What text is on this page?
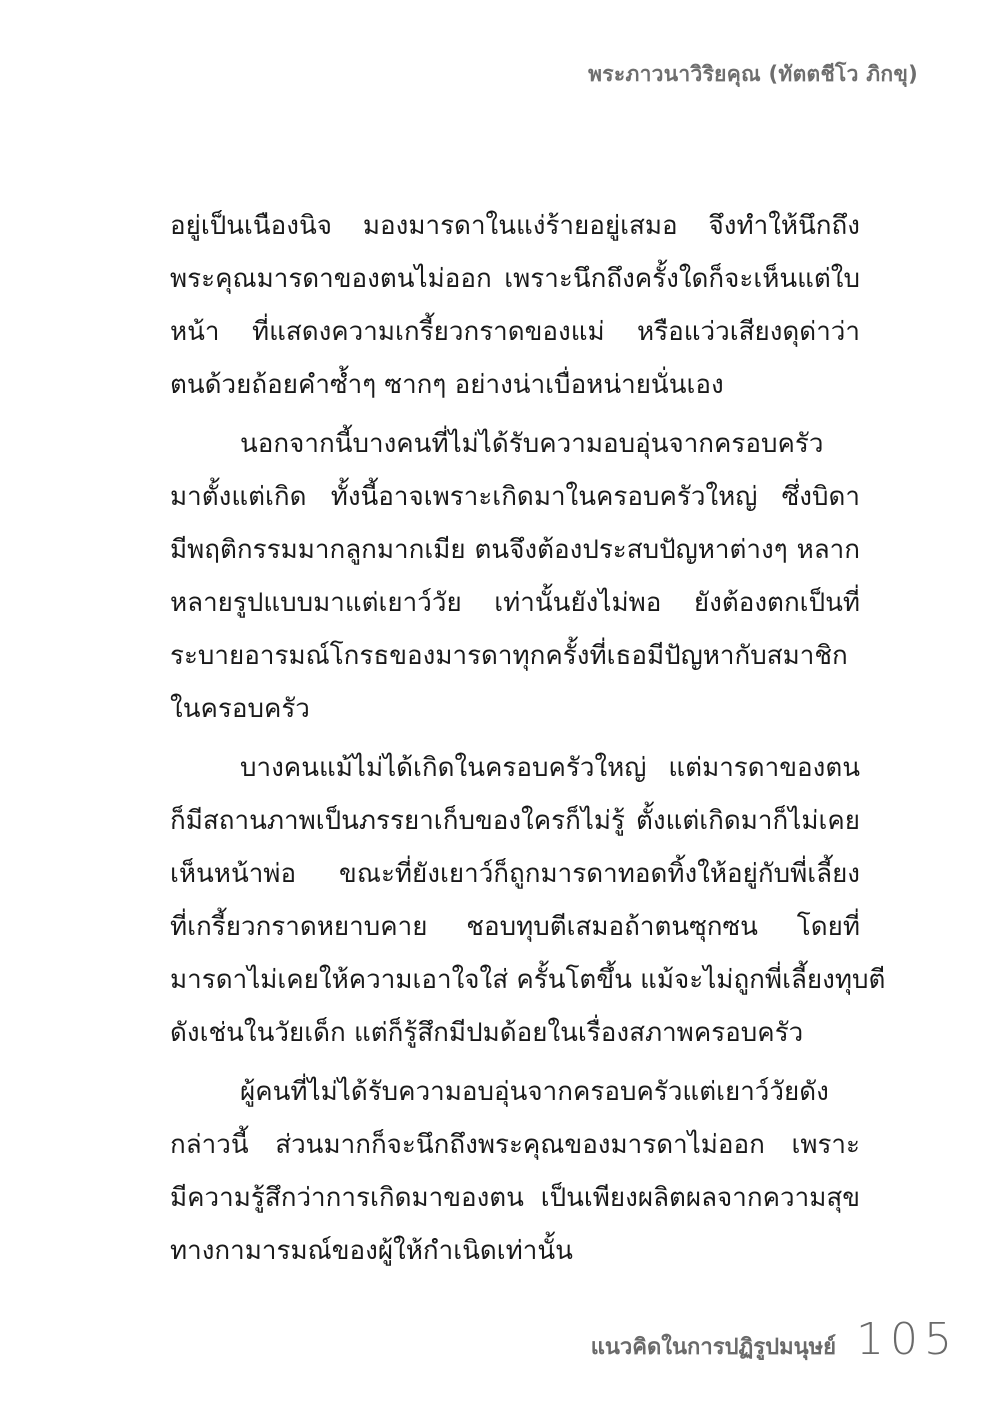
พระภาวนาวิริยคุณ (ทัตตชีโว ภิกขุ)
อยู่เป็นเนืองนิจ มองมารดาในแง่ร้ายอยู่เสมอ จึงทำให้นึกถึง
พระคุณมารดาของตนไม่ออก เพราะนึกถึงครั้งใดก็จะเห็นแต่ใบ
หน้า ที่แสดงความเกรี้ยวกราดของแม่ หรือแว่วเสียงดุด่าว่า
ตนด้วยถ้อยคำซ้ำๆ ซากๆ อย่างน่าเบื่อหน่ายนั่นเอง
นอกจากนี้บางคนที่ไม่ได้รับความอบอุ่นจากครอบครัว
มาตั้งแต่เกิด ทั้งนี้อาจเพราะเกิดมาในครอบครัวใหญ่ ซึ่งบิดา
มีพฤติกรรมมากลูกมากเมีย ตนจึงต้องประสบปัญหาต่างๆ หลาก
หลายรูปแบบมาแต่เยาว์วัย เท่านั้นยังไม่พอ ยังต้องตกเป็นที่
ระบายอารมณ์โกรธของมารดาทุกครั้งที่เธอมีปัญหากับสมาชิก
ในครอบครัว
บางคนแม้ไม่ได้เกิดในครอบครัวใหญ่ แต่มารดาของตน
ก็มีสถานภาพเป็นภรรยาเก็บของใครก็ไม่รู้ ตั้งแต่เกิดมาก็ไม่เคย
เห็นหน้าพ่อ ขณะที่ยังเยาว์ก็ถูกมารดาทอดทิ้งให้อยู่กับพี่เลี้ยง
ที่เกรี้ยวกราดหยาบคาย ชอบทุบตีเสมอถ้าตนซุกซน โดยที่
มารดาไม่เคยให้ความเอาใจใส่ ครั้นโตขึ้น แม้จะไม่ถูกพี่เลี้ยงทุบตี
ดังเช่นในวัยเด็ก แต่ก็รู้สึกมีปมด้อยในเรื่องสภาพครอบครัว
ผู้คนที่ไม่ได้รับความอบอุ่นจากครอบครัวแต่เยาว์วัยดัง
กล่าวนี้ ส่วนมากก็จะนึกถึงพระคุณของมารดาไม่ออก เพราะ
มีความรู้สึกว่าการเกิดมาของตน เป็นเพียงผลิตผลจากความสุข
ทางกามารมณ์ของผู้ให้กำเนิดเท่านั้น
แนวคิดในการปฏิรูปมนุษย์ 105
